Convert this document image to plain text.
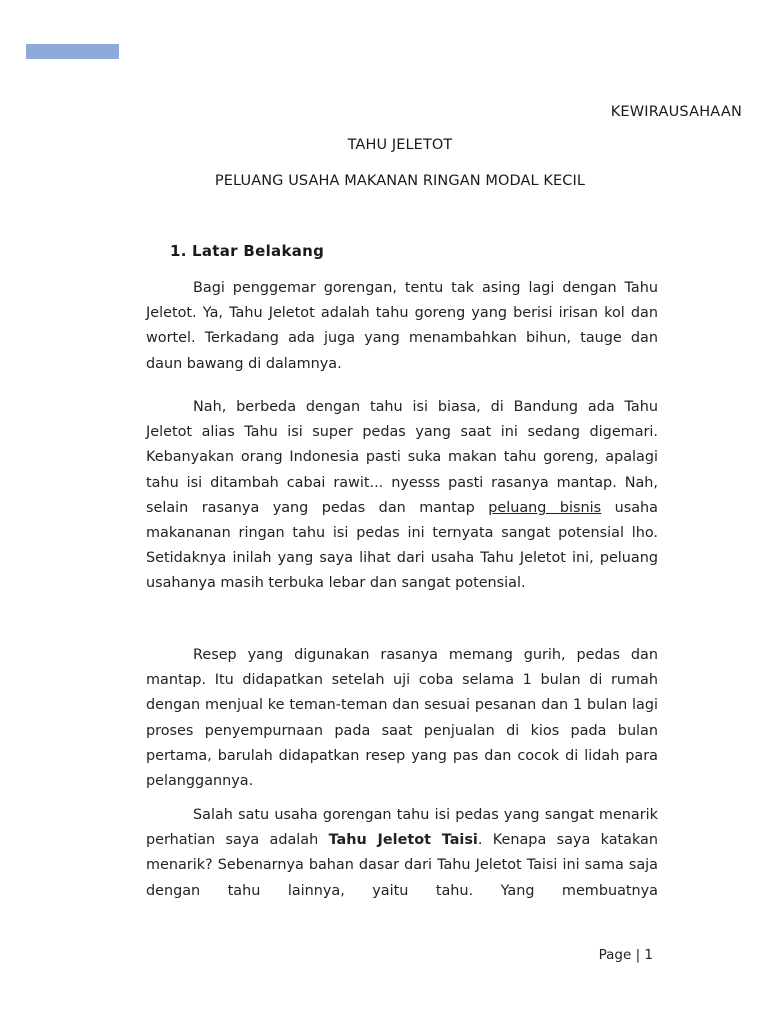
KEWIRAUSAHAAN
TAHU JELETOT
PELUANG USAHA MAKANAN RINGAN MODAL KECIL
1. Latar Belakang

Bagi penggemar gorengan, tentu tak asing lagi dengan Tahu Jeletot. Ya, Tahu Jeletot adalah tahu goreng yang berisi irisan kol dan wortel. Terkadang ada juga yang menambahkan bihun, tauge dan daun bawang di dalamnya.

Nah, berbeda dengan tahu isi biasa, di Bandung ada Tahu Jeletot alias Tahu isi super pedas yang saat ini sedang digemari. Kebanyakan orang Indonesia pasti suka makan tahu goreng, apalagi tahu isi ditambah cabai rawit... nyesss pasti rasanya mantap. Nah, selain rasanya yang pedas dan mantap peluang bisnis usaha makananan ringan tahu isi pedas ini ternyata sangat potensial lho. Setidaknya inilah yang saya lihat dari usaha Tahu Jeletot ini, peluang usahanya masih terbuka lebar dan sangat potensial.

Resep yang digunakan rasanya memang gurih, pedas dan mantap. Itu didapatkan setelah uji coba selama 1 bulan di rumah dengan menjual ke teman-teman dan sesuai pesanan dan 1 bulan lagi proses penyempurnaan pada saat penjualan di kios pada bulan pertama, barulah didapatkan resep yang pas dan cocok di lidah para pelanggannya.

Salah satu usaha gorengan tahu isi pedas yang sangat menarik perhatian saya adalah Tahu Jeletot Taisi. Kenapa saya katakan menarik? Sebenarnya bahan dasar dari Tahu Jeletot Taisi ini sama saja dengan tahu lainnya, yaitu tahu. Yang membuatnya

Page | 1
